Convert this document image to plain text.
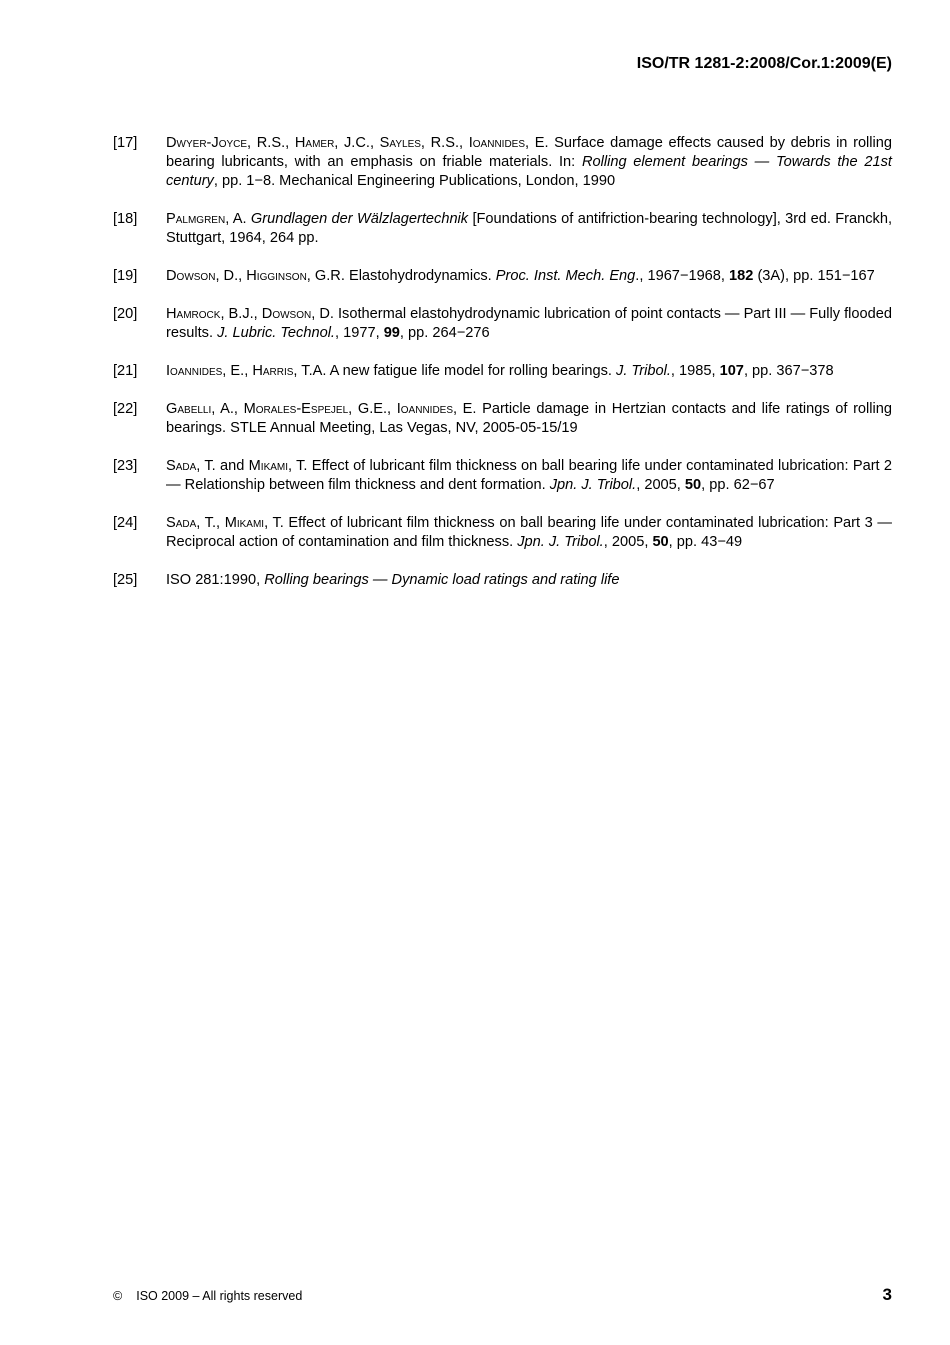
ISO/TR 1281-2:2008/Cor.1:2009(E)
[17]	Dwyer-Joyce, R.S., Hamer, J.C., Sayles, R.S., Ioannides, E. Surface damage effects caused by debris in rolling bearing lubricants, with an emphasis on friable materials. In: Rolling element bearings — Towards the 21st century, pp. 1−8. Mechanical Engineering Publications, London, 1990
[18]	Palmgren, A. Grundlagen der Wälzlagertechnik [Foundations of antifriction-bearing technology], 3rd ed. Franckh, Stuttgart, 1964, 264 pp.
[19]	Dowson, D., Higginson, G.R. Elastohydrodynamics. Proc. Inst. Mech. Eng., 1967−1968, 182 (3A), pp. 151−167
[20]	Hamrock, B.J., Dowson, D. Isothermal elastohydrodynamic lubrication of point contacts — Part III — Fully flooded results. J. Lubric. Technol., 1977, 99, pp. 264−276
[21]	Ioannides, E., Harris, T.A. A new fatigue life model for rolling bearings. J. Tribol., 1985, 107, pp. 367−378
[22]	Gabelli, A., Morales-Espejel, G.E., Ioannides, E. Particle damage in Hertzian contacts and life ratings of rolling bearings. STLE Annual Meeting, Las Vegas, NV, 2005-05-15/19
[23]	Sada, T. and Mikami, T. Effect of lubricant film thickness on ball bearing life under contaminated lubrication: Part 2 — Relationship between film thickness and dent formation. Jpn. J. Tribol., 2005, 50, pp. 62−67
[24]	Sada, T., Mikami, T. Effect of lubricant film thickness on ball bearing life under contaminated lubrication: Part 3 — Reciprocal action of contamination and film thickness. Jpn. J. Tribol., 2005, 50, pp. 43−49
[25]	ISO 281:1990, Rolling bearings — Dynamic load ratings and rating life
© ISO 2009 – All rights reserved	3
